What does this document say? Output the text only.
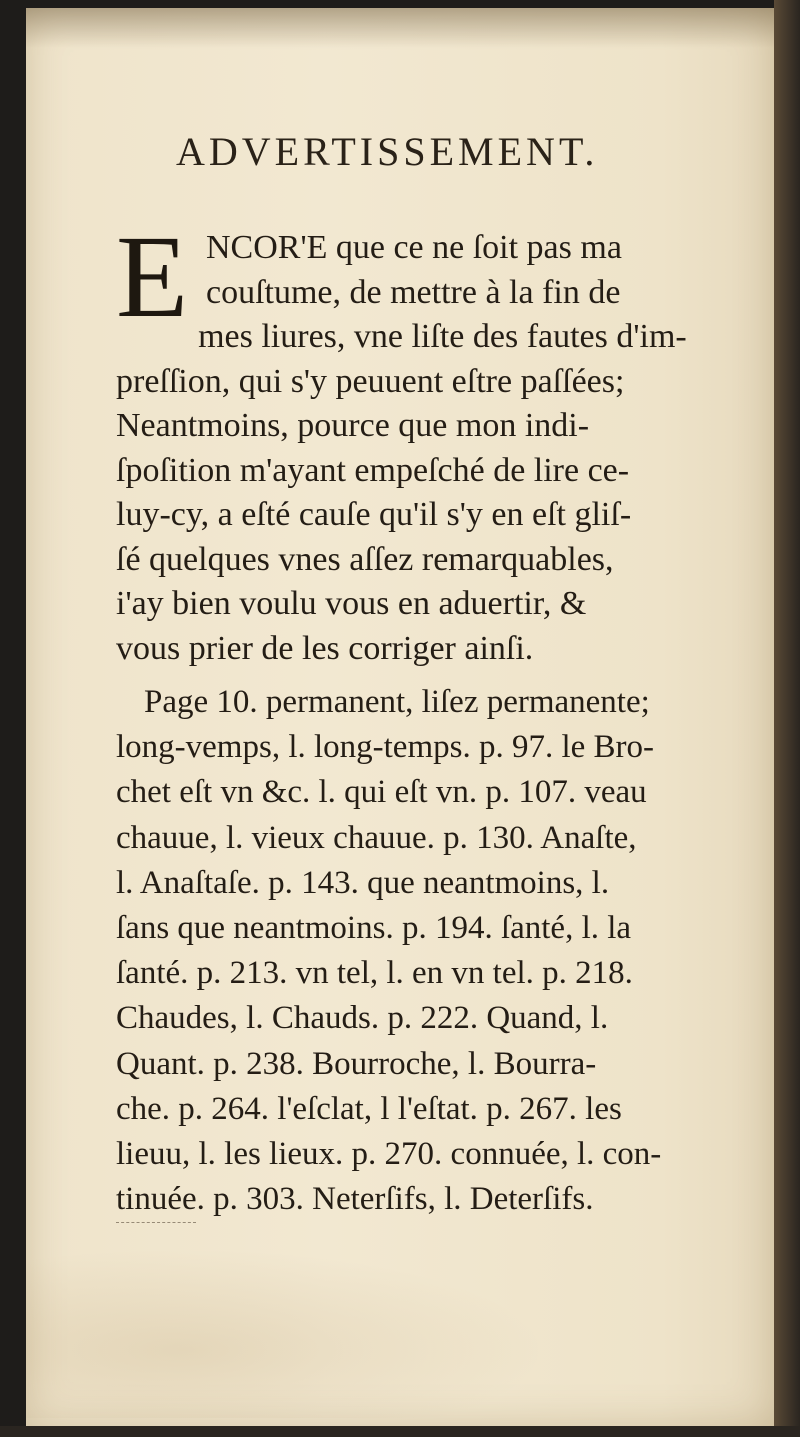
ADVERTISSEMENT.
E NCOR'E que ce ne ſoit pas ma
couſtume, de mettre à la fin de
mes liures, vne liſte des fautes d'im-
preſſion, qui s'y peuuent eſtre paſſées;
Neantmoins, pource que mon indi-
ſpoſition m'ayant empeſché de lire ce-
luy-cy, a eſté cauſe qu'il s'y en eſt gliſ-
ſé quelques vnes aſſez remarquables,
i'ay bien voulu vous en aduertir, &
vous prier de les corriger ainſi.
Page 10. permanent, liſez permanente;
long-vemps, l. long-temps. p. 97. le Bro-
chet eſt vn &c. l. qui eſt vn. p. 107. veau
chauue, l. vieux chauue. p. 130. Anaſte,
l. Anaſtaſe. p. 143. que neantmoins, l.
ſans que neantmoins. p. 194. ſanté, l. la
ſanté. p. 213. vn tel, l. en vn tel. p. 218.
Chaudes, l. Chauds. p. 222. Quand, l.
Quant. p. 238. Bourroche, l. Bourra-
che. p. 264. l'eſclat, l l'eſtat. p. 267. les
lieuu, l. les lieux. p. 270. connuée, l. con-
tinuée. p. 303. Neterſifs, l. Deterſifs.
